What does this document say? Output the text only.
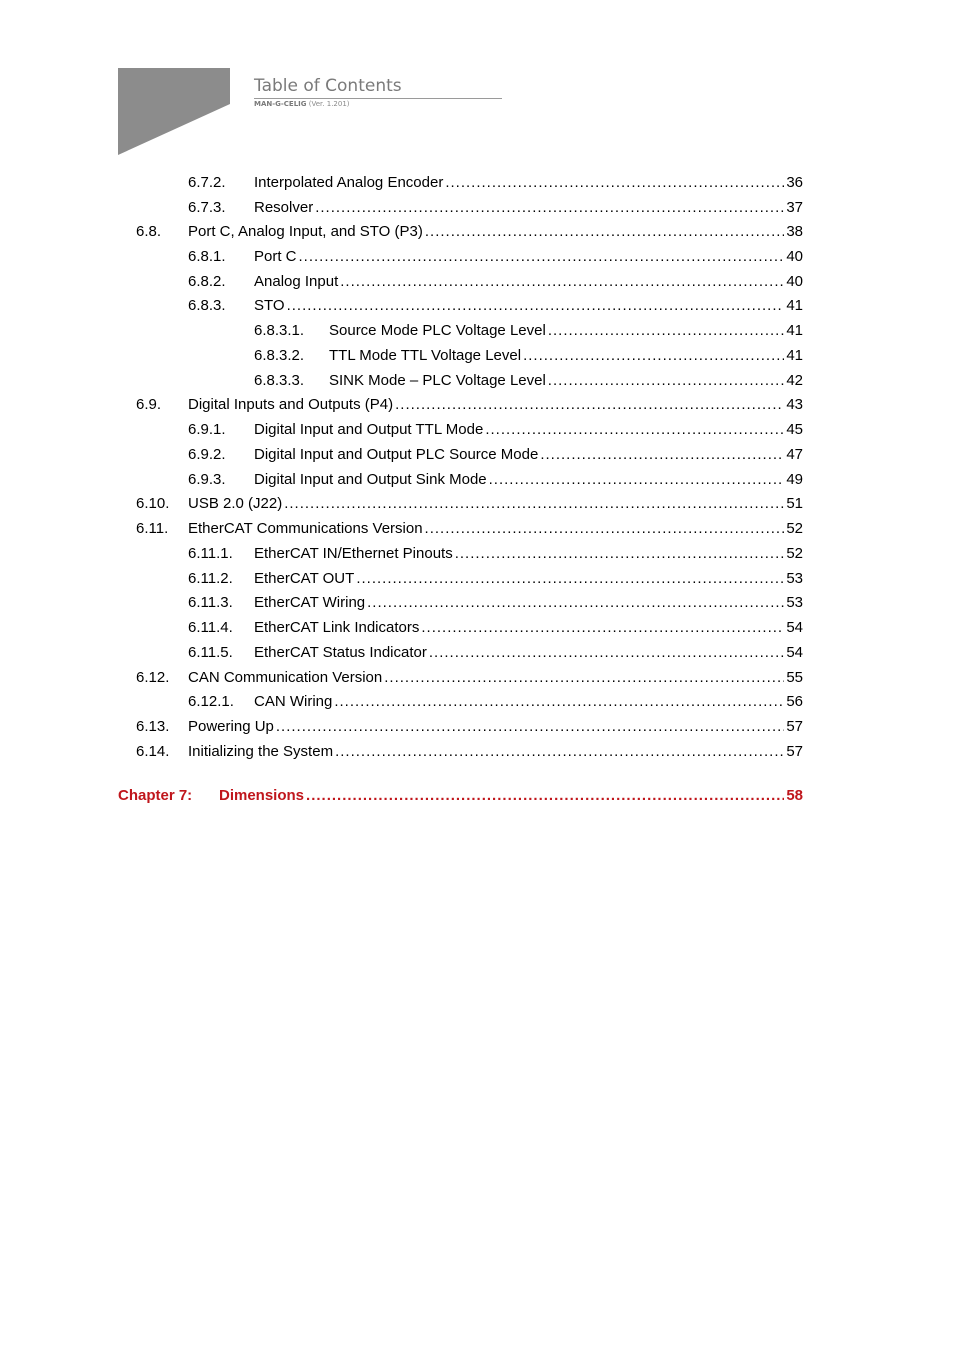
Table of Contents
MAN-G-CELIG (Ver. 1.201)
6.7.2.	Interpolated Analog Encoder .....	36
6.7.3.	Resolver .....	37
6.8.	Port C, Analog Input, and STO (P3) .....	38
6.8.1.	Port C .....	40
6.8.2.	Analog Input .....	40
6.8.3.	STO .....	41
6.8.3.1.	Source Mode PLC Voltage Level .....	41
6.8.3.2.	TTL Mode TTL Voltage Level .....	41
6.8.3.3.	SINK Mode – PLC Voltage Level .....	42
6.9.	Digital Inputs and Outputs (P4) .....	43
6.9.1.	Digital Input and Output TTL Mode .....	45
6.9.2.	Digital Input and Output PLC Source Mode .....	47
6.9.3.	Digital Input and Output Sink Mode .....	49
6.10.	USB 2.0 (J22) .....	51
6.11.	EtherCAT Communications Version .....	52
6.11.1.	EtherCAT IN/Ethernet Pinouts .....	52
6.11.2.	EtherCAT OUT .....	53
6.11.3.	EtherCAT Wiring .....	53
6.11.4.	EtherCAT Link Indicators .....	54
6.11.5.	EtherCAT Status Indicator .....	54
6.12.	CAN Communication Version .....	55
6.12.1.	CAN Wiring .....	56
6.13.	Powering Up .....	57
6.14.	Initializing the System .....	57
Chapter 7:	Dimensions .....	58
